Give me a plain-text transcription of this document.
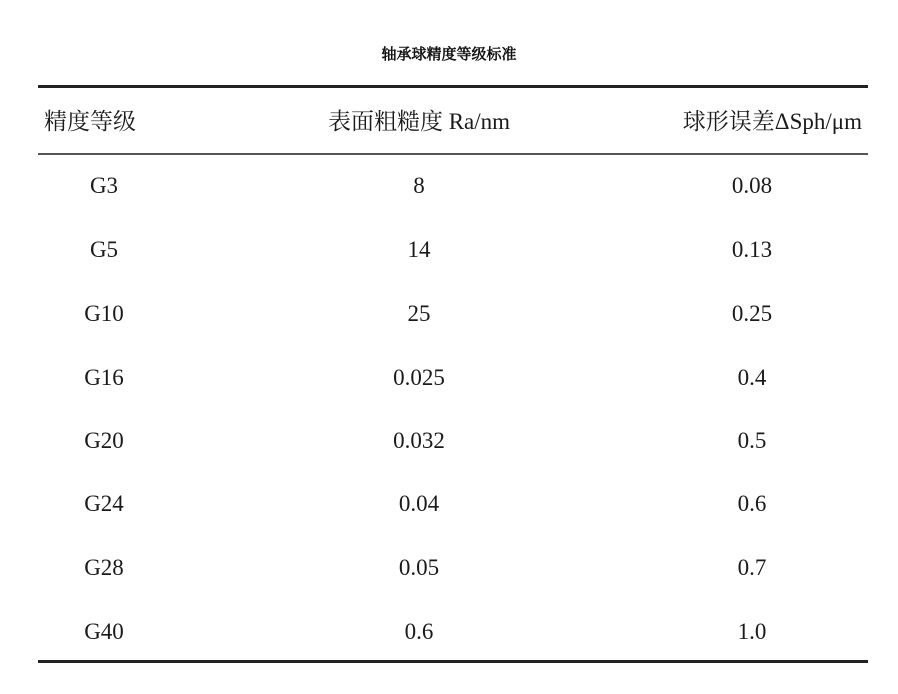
轴承球精度等级标准
精度等级	表面粗糙度 Ra/nm	球形误差ΔSph/μm
G3	8	0.08
G5	14	0.13
G10	25	0.25
G16	0.025	0.4
G20	0.032	0.5
G24	0.04	0.6
G28	0.05	0.7
G40	0.6	1.0
